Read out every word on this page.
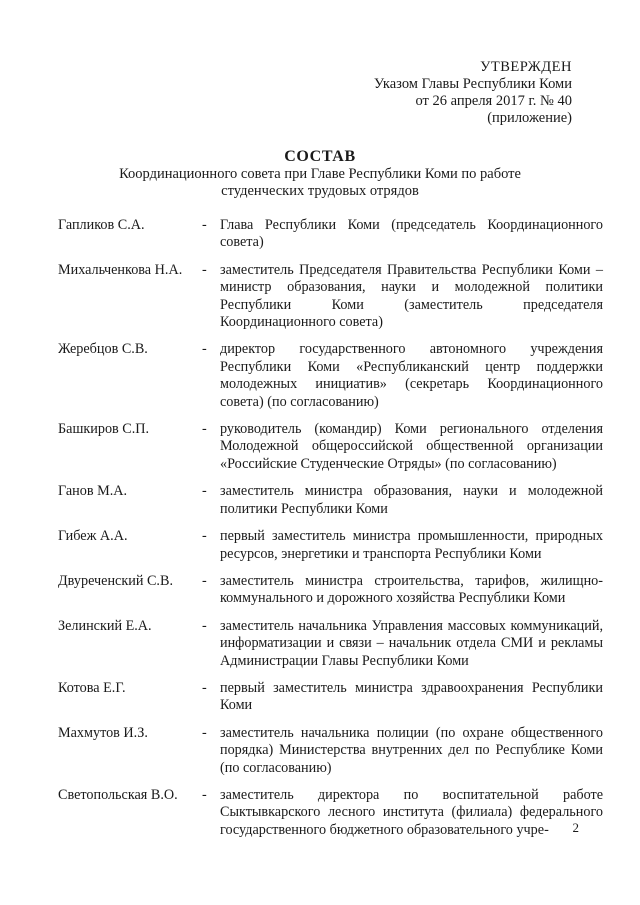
УТВЕРЖДЕН
Указом Главы Республики Коми
от 26 апреля 2017 г. № 40
(приложение)
СОСТАВ
Координационного совета при Главе Республики Коми по работе
студенческих трудовых отрядов
Гапликов С.А.	- Глава Республики Коми (председатель Координационного совета)
Михальченкова Н.А.	- заместитель Председателя Правительства Республики Коми – министр образования, науки и молодежной политики Республики Коми (заместитель председателя Координационного совета)
Жеребцов С.В.	- директор государственного автономного учреждения Республики Коми «Республиканский центр поддержки молодежных инициатив» (секретарь Координационного совета) (по согласованию)
Башкиров С.П.	- руководитель (командир) Коми регионального отделения Молодежной общероссийской общественной организации «Российские Студенческие Отряды» (по согласованию)
Ганов М.А.	- заместитель министра образования, науки и молодежной политики Республики Коми
Гибеж А.А.	- первый заместитель министра промышленности, природных ресурсов, энергетики и транспорта Республики Коми
Двуреченский С.В.	- заместитель министра строительства, тарифов, жилищно-коммунального и дорожного хозяйства Республики Коми
Зелинский Е.А.	- заместитель начальника Управления массовых коммуникаций, информатизации и связи – начальник отдела СМИ и рекламы Администрации Главы Республики Коми
Котова Е.Г.	- первый заместитель министра здравоохранения Республики Коми
Махмутов И.З.	- заместитель начальника полиции (по охране общественного порядка) Министерства внутренних дел по Республике Коми (по согласованию)
Светопольская В.О.	- заместитель директора по воспитательной работе Сыктывкарского лесного института (филиала) федерального государственного бюджетного образовательного учре-	2
